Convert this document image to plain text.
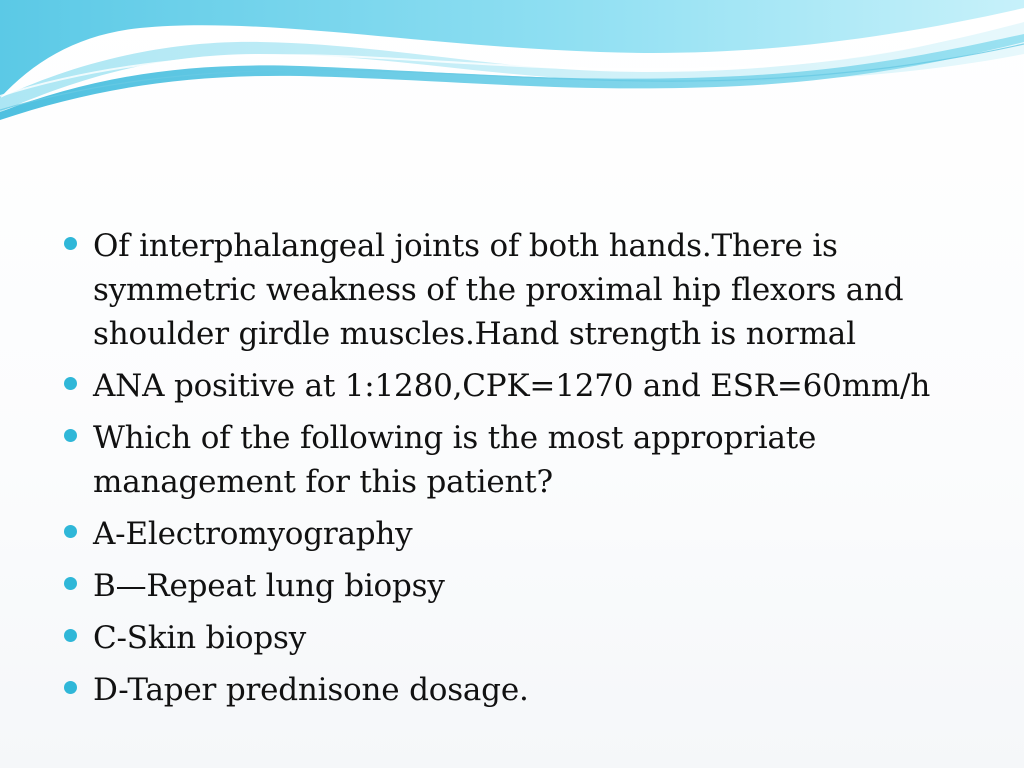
Of interphalangeal joints of both hands.There is symmetric weakness of the proximal hip flexors and shoulder girdle muscles.Hand strength is normal
ANA positive at 1:1280,CPK=1270 and ESR=60mm/h
Which of the following is the most appropriate management for this patient?
A-Electromyography
B—Repeat lung biopsy
C-Skin biopsy
D-Taper prednisone dosage.
